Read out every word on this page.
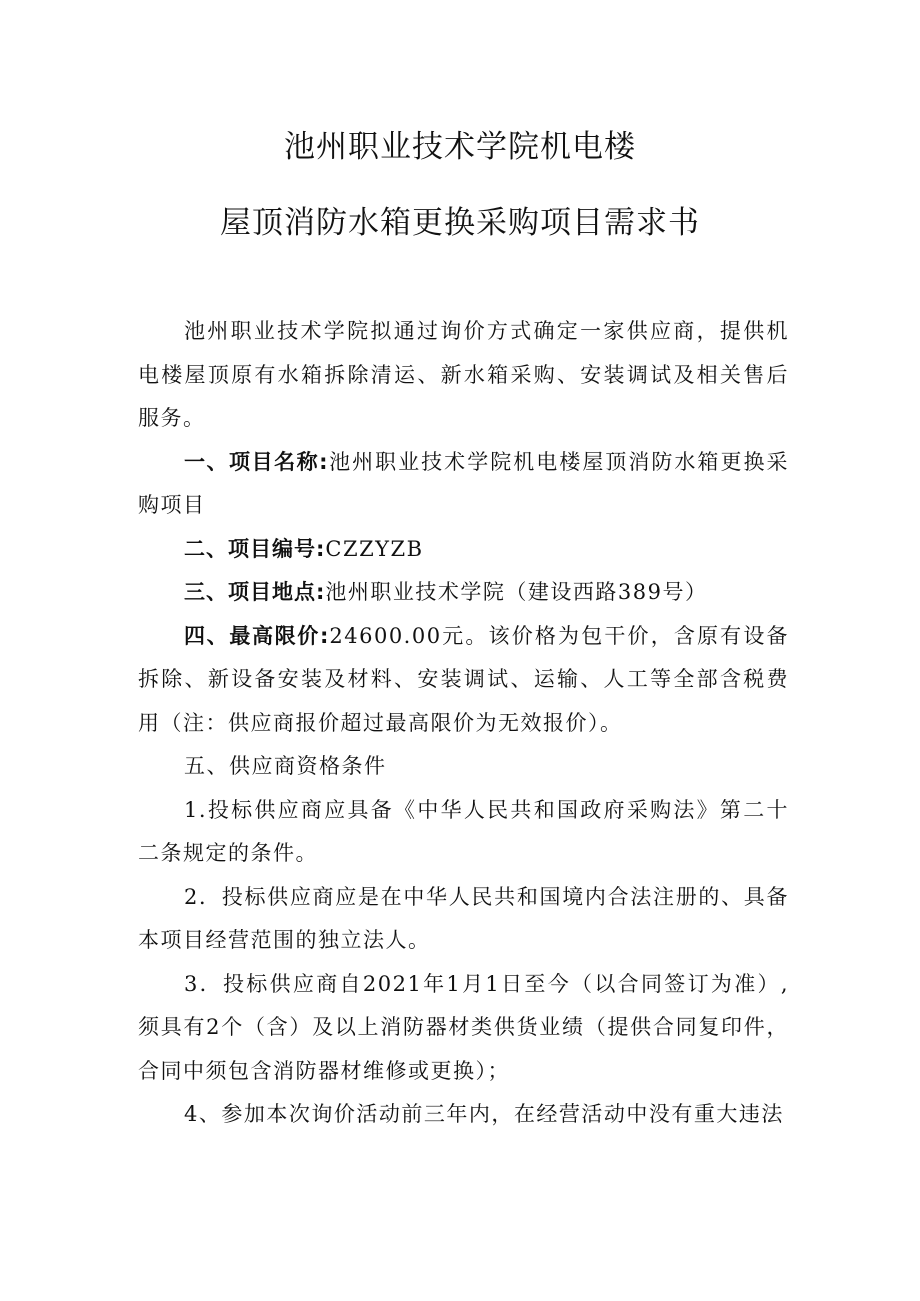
池州职业技术学院机电楼
屋顶消防水箱更换采购项目需求书

池州职业技术学院拟通过询价方式确定一家供应商，提供机电楼屋顶原有水箱拆除清运、新水箱采购、安装调试及相关售后服务。

一、项目名称:池州职业技术学院机电楼屋顶消防水箱更换采购项目

二、项目编号:CZZYZB

三、项目地点:池州职业技术学院（建设西路389号）

四、最高限价:24600.00元。该价格为包干价，含原有设备拆除、新设备安装及材料、安装调试、运输、人工等全部含税费用（注：供应商报价超过最高限价为无效报价）。

五、供应商资格条件

1.投标供应商应具备《中华人民共和国政府采购法》第二十二条规定的条件。

2．投标供应商应是在中华人民共和国境内合法注册的、具备本项目经营范围的独立法人。

3．投标供应商自2021年1月1日至今（以合同签订为准）,须具有2个（含）及以上消防器材类供货业绩（提供合同复印件，合同中须包含消防器材维修或更换）；

4、参加本次询价活动前三年内，在经营活动中没有重大违法
